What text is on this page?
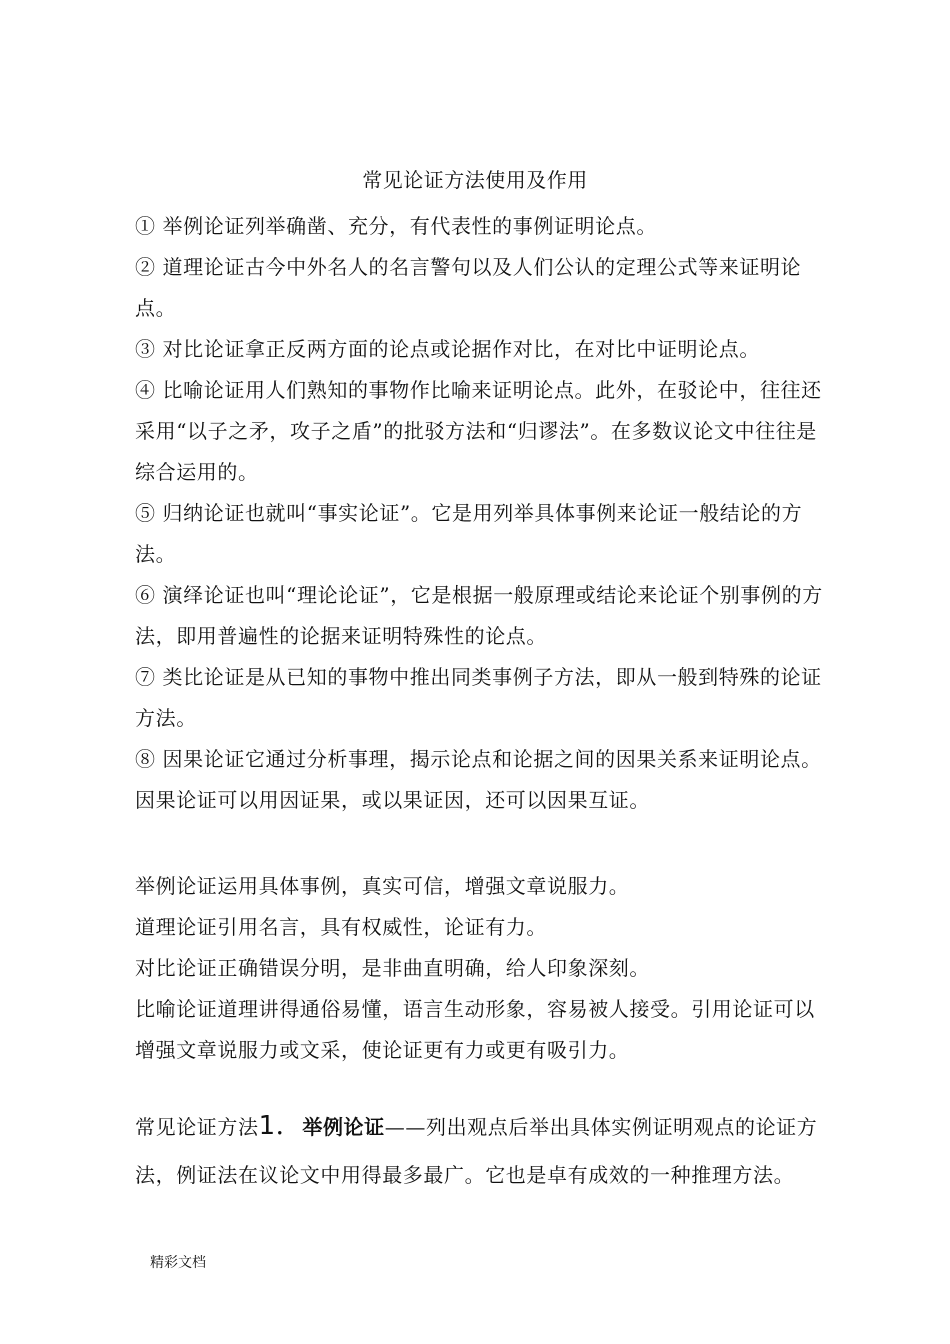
常见论证方法使用及作用

① 举例论证列举确凿、充分，有代表性的事例证明论点。

② 道理论证古今中外名人的名言警句以及人们公认的定理公式等来证明论点。

③ 对比论证拿正反两方面的论点或论据作对比，在对比中证明论点。

④ 比喻论证用人们熟知的事物作比喻来证明论点。此外，在驳论中，往往还采用“以子之矛，攻子之盾”的批驳方法和“归谬法”。在多数议论文中往往是综合运用的。

⑤ 归纳论证也就叫“事实论证”。它是用列举具体事例来论证一般结论的方法。

⑥ 演绎论证也叫“理论论证”，它是根据一般原理或结论来论证个别事例的方法，即用普遍性的论据来证明特殊性的论点。

⑦ 类比论证是从已知的事物中推出同类事例子方法，即从一般到特殊的论证方法。

⑧ 因果论证它通过分析事理，揭示论点和论据之间的因果关系来证明论点。因果论证可以用因证果，或以果证因，还可以因果互证。

举例论证运用具体事例，真实可信，增强文章说服力。

道理论证引用名言，具有权威性，论证有力。

对比论证正确错误分明，是非曲直明确，给人印象深刻。

比喻论证道理讲得通俗易懂，语言生动形象，容易被人接受。引用论证可以增强文章说服力或文采，使论证更有力或更有吸引力。

常见论证方法1．举例论证——列出观点后举出具体实例证明观点的论证方法，例证法在议论文中用得最多最广。它也是卓有成效的一种推理方法。

精彩文档
